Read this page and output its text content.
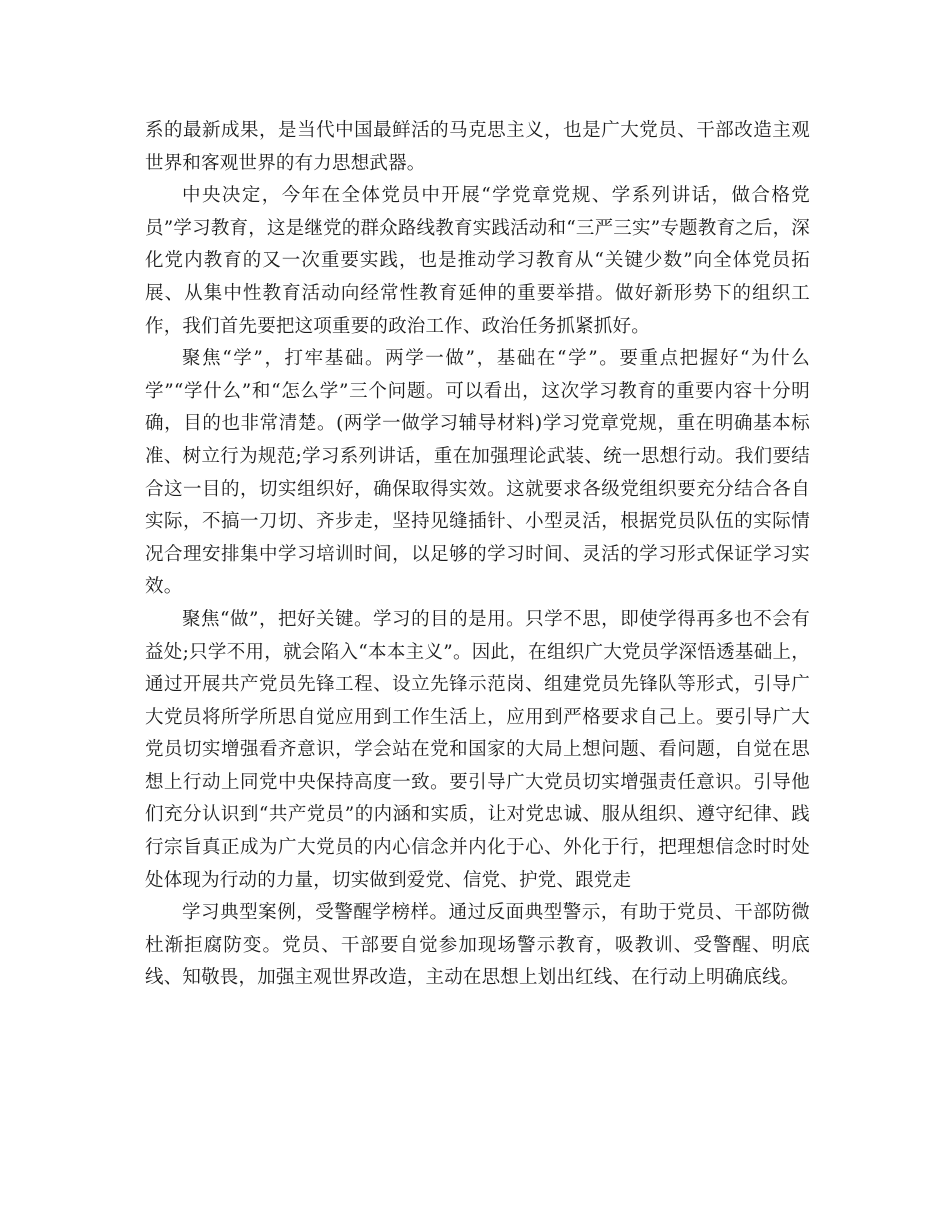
系的最新成果，是当代中国最鲜活的马克思主义，也是广大党员、干部改造主观世界和客观世界的有力思想武器。

中央决定，今年在全体党员中开展“学党章党规、学系列讲话，做合格党员”学习教育，这是继党的群众路线教育实践活动和“三严三实”专题教育之后，深化党内教育的又一次重要实践，也是推动学习教育从“关键少数”向全体党员拓展、从集中性教育活动向经常性教育延伸的重要举措。做好新形势下的组织工作，我们首先要把这项重要的政治工作、政治任务抓紧抓好。

聚焦“学”，打牢基础。两学一做”，基础在“学”。要重点把握好“为什么学”“学什么”和“怎么学”三个问题。可以看出，这次学习教育的重要内容十分明确，目的也非常清楚。(两学一做学习辅导材料)学习党章党规，重在明确基本标准、树立行为规范;学习系列讲话，重在加强理论武装、统一思想行动。我们要结合这一目的，切实组织好，确保取得实效。这就要求各级党组织要充分结合各自实际，不搞一刀切、齐步走，坚持见缝插针、小型灵活，根据党员队伍的实际情况合理安排集中学习培训时间，以足够的学习时间、灵活的学习形式保证学习实效。

聚焦“做”，把好关键。学习的目的是用。只学不思，即使学得再多也不会有益处;只学不用，就会陷入“本本主义”。因此，在组织广大党员学深悟透基础上，通过开展共产党员先锋工程、设立先锋示范岗、组建党员先锋队等形式，引导广大党员将所学所思自觉应用到工作生活上，应用到严格要求自己上。要引导广大党员切实增强看齐意识，学会站在党和国家的大局上想问题、看问题，自觉在思想上行动上同党中央保持高度一致。要引导广大党员切实增强责任意识。引导他们充分认识到“共产党员”的内涵和实质，让对党忠诚、服从组织、遵守纪律、践行宗旨真正成为广大党员的内心信念并内化于心、外化于行，把理想信念时时处处体现为行动的力量，切实做到爱党、信党、护党、跟党走

学习典型案例，受警醒学榜样。通过反面典型警示，有助于党员、干部防微杜渐拒腐防变。党员、干部要自觉参加现场警示教育，吸教训、受警醒、明底线、知敬畏，加强主观世界改造，主动在思想上划出红线、在行动上明确底线。
